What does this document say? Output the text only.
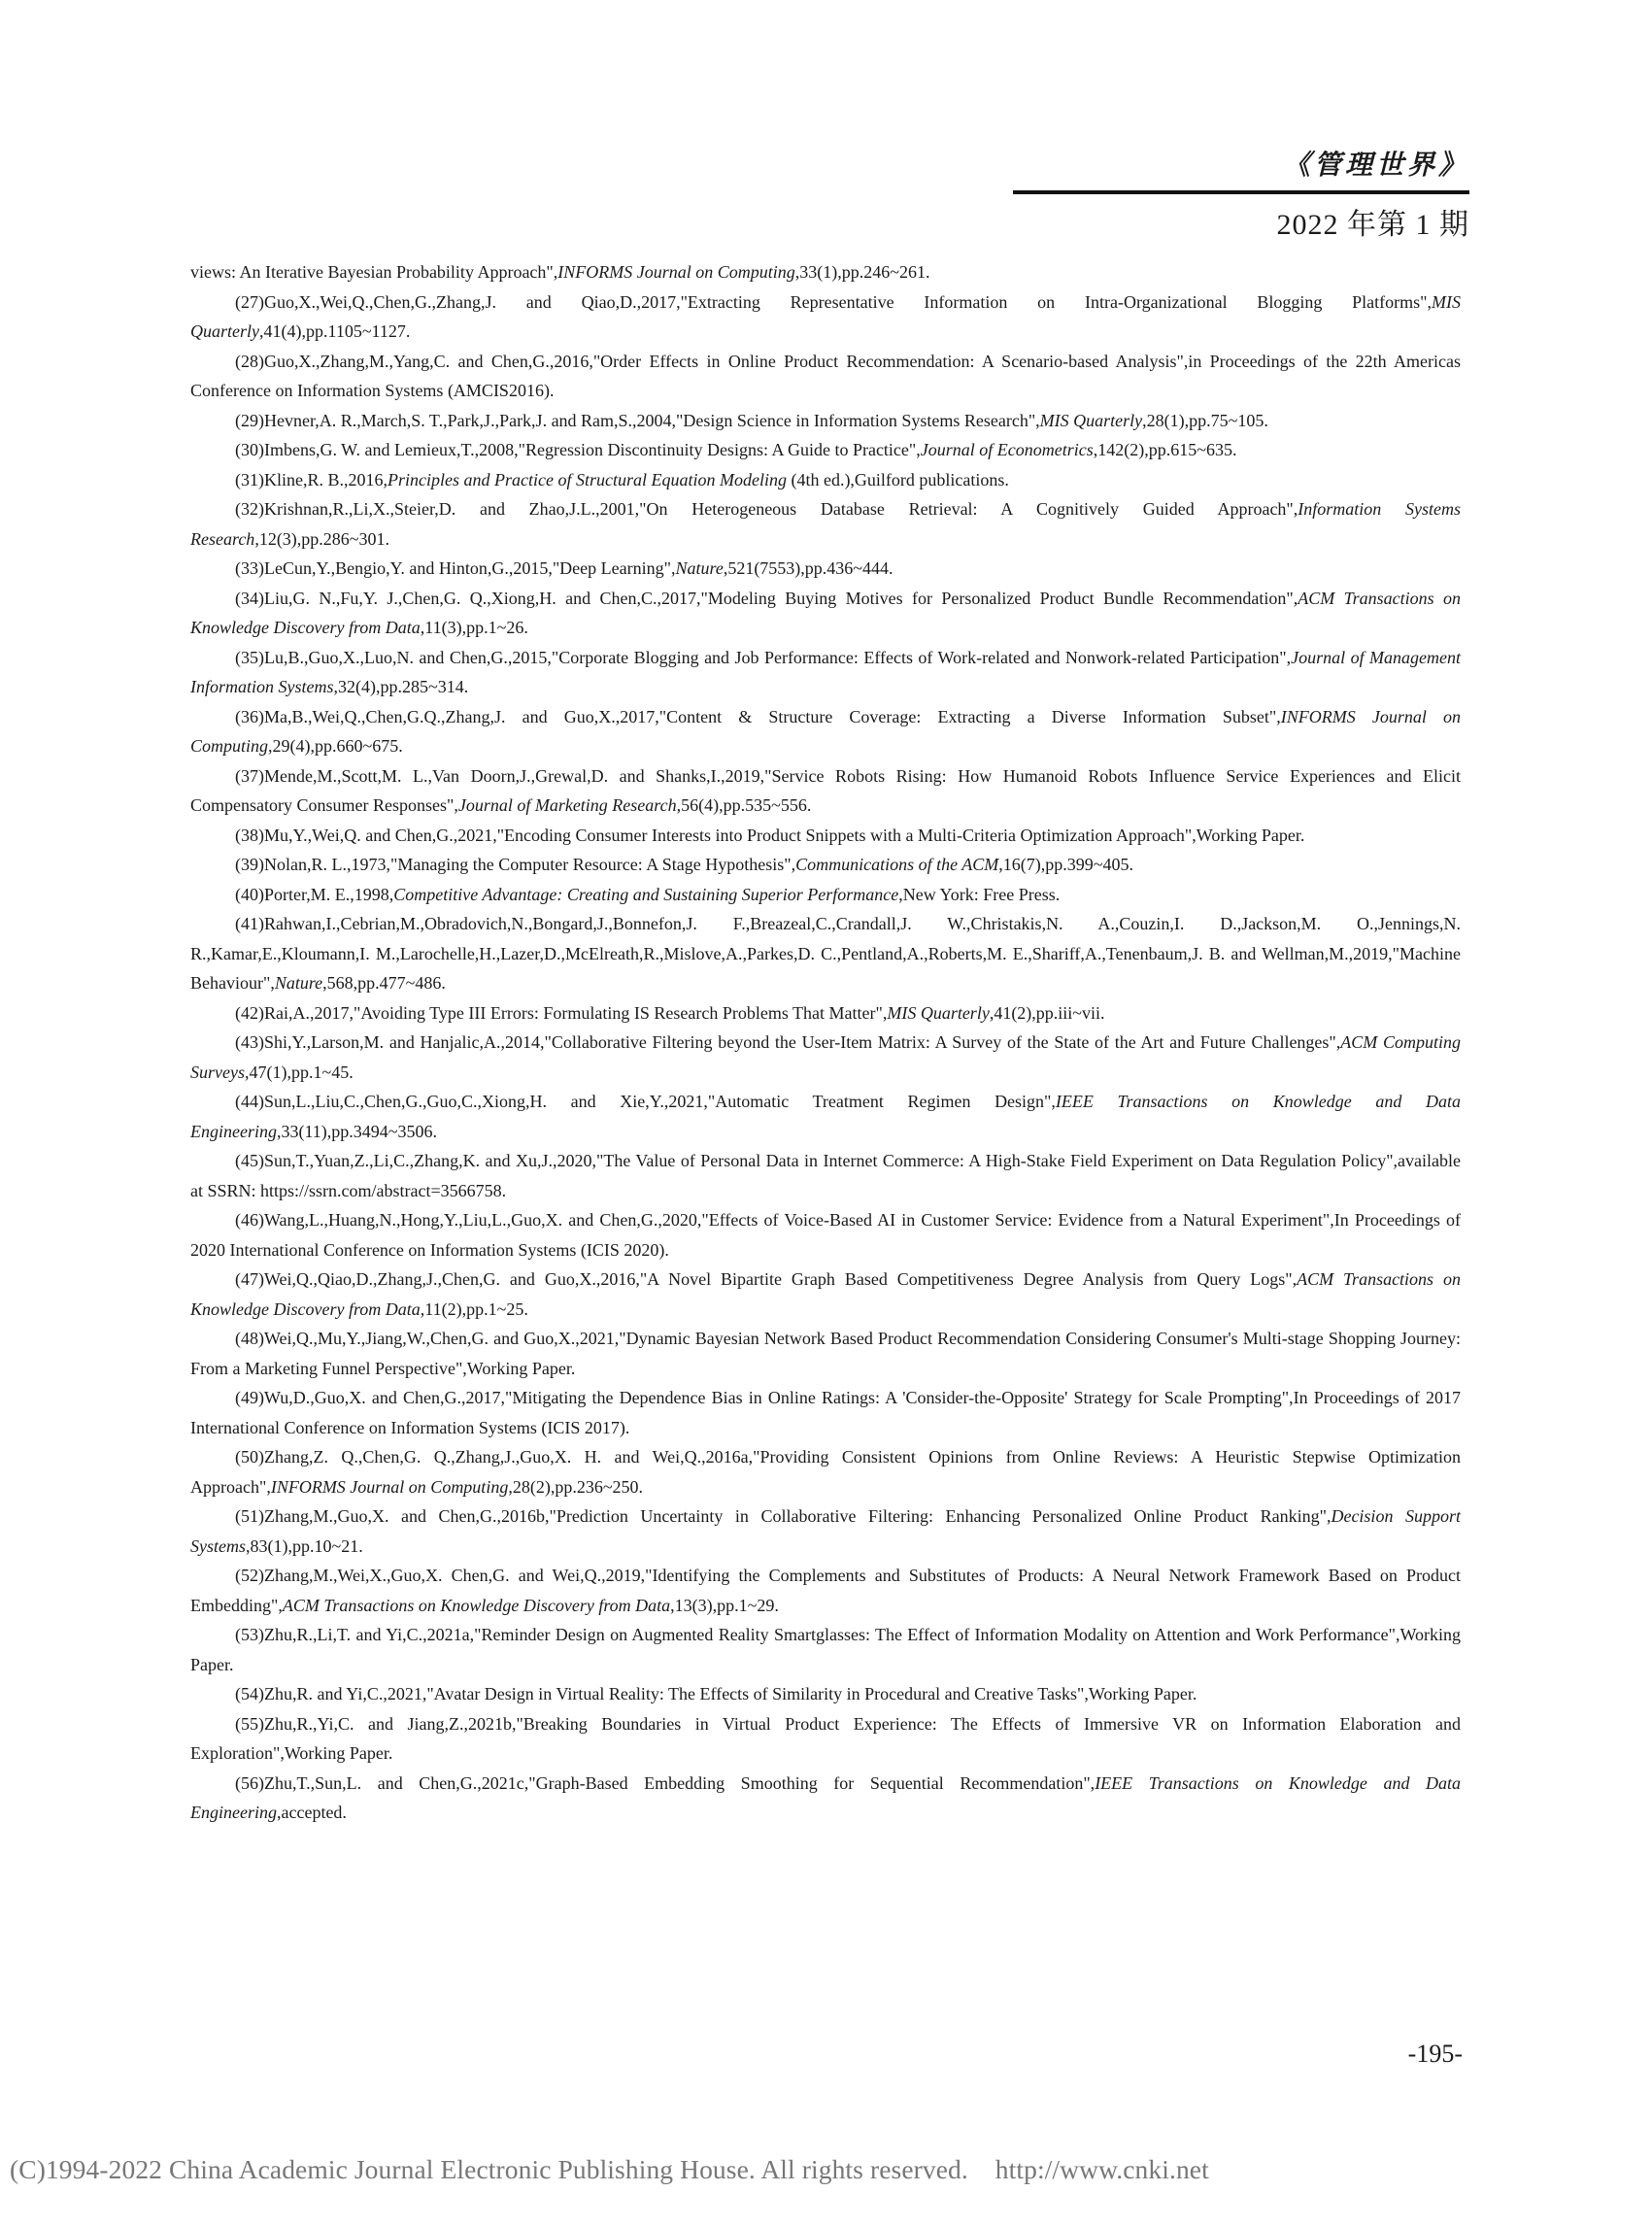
《管理世界》
2022 年第 1 期

views: An Iterative Bayesian Probability Approach",INFORMS Journal on Computing,33(1),pp.246~261.

(27)Guo,X.,Wei,Q.,Chen,G.,Zhang,J. and Qiao,D.,2017,"Extracting Representative Information on Intra-Organizational Blogging Platforms",MIS Quarterly,41(4),pp.1105~1127.

(28)Guo,X.,Zhang,M.,Yang,C. and Chen,G.,2016,"Order Effects in Online Product Recommendation: A Scenario-based Analysis",in Proceedings of the 22th Americas Conference on Information Systems (AMCIS2016).

(29)Hevner,A. R.,March,S. T.,Park,J.,Park,J. and Ram,S.,2004,"Design Science in Information Systems Research",MIS Quarterly,28(1),pp.75~105.

(30)Imbens,G. W. and Lemieux,T.,2008,"Regression Discontinuity Designs: A Guide to Practice",Journal of Econometrics,142(2),pp.615~635.

(31)Kline,R. B.,2016,Principles and Practice of Structural Equation Modeling (4th ed.),Guilford publications.

(32)Krishnan,R.,Li,X.,Steier,D. and Zhao,J.L.,2001,"On Heterogeneous Database Retrieval: A Cognitively Guided Approach",Information Systems Research,12(3),pp.286~301.

(33)LeCun,Y.,Bengio,Y. and Hinton,G.,2015,"Deep Learning",Nature,521(7553),pp.436~444.

(34)Liu,G. N.,Fu,Y. J.,Chen,G. Q.,Xiong,H. and Chen,C.,2017,"Modeling Buying Motives for Personalized Product Bundle Recommendation",ACM Transactions on Knowledge Discovery from Data,11(3),pp.1~26.

(35)Lu,B.,Guo,X.,Luo,N. and Chen,G.,2015,"Corporate Blogging and Job Performance: Effects of Work-related and Nonwork-related Participation",Journal of Management Information Systems,32(4),pp.285~314.

(36)Ma,B.,Wei,Q.,Chen,G.Q.,Zhang,J. and Guo,X.,2017,"Content & Structure Coverage: Extracting a Diverse Information Subset",INFORMS Journal on Computing,29(4),pp.660~675.

(37)Mende,M.,Scott,M. L.,Van Doorn,J.,Grewal,D. and Shanks,I.,2019,"Service Robots Rising: How Humanoid Robots Influence Service Experiences and Elicit Compensatory Consumer Responses",Journal of Marketing Research,56(4),pp.535~556.

(38)Mu,Y.,Wei,Q. and Chen,G.,2021,"Encoding Consumer Interests into Product Snippets with a Multi-Criteria Optimization Approach",Working Paper.

(39)Nolan,R. L.,1973,"Managing the Computer Resource: A Stage Hypothesis",Communications of the ACM,16(7),pp.399~405.

(40)Porter,M. E.,1998,Competitive Advantage: Creating and Sustaining Superior Performance,New York: Free Press.

(41)Rahwan,I.,Cebrian,M.,Obradovich,N.,Bongard,J.,Bonnefon,J. F.,Breazeal,C.,Crandall,J. W.,Christakis,N. A.,Couzin,I. D.,Jackson,M. O.,Jennings,N. R.,Kamar,E.,Kloumann,I. M.,Larochelle,H.,Lazer,D.,McElreath,R.,Mislove,A.,Parkes,D. C.,Pentland,A.,Roberts,M. E.,Shariff,A.,Tenenbaum,J. B. and Wellman,M.,2019,"Machine Behaviour",Nature,568,pp.477~486.

(42)Rai,A.,2017,"Avoiding Type III Errors: Formulating IS Research Problems That Matter",MIS Quarterly,41(2),pp.iii~vii.

(43)Shi,Y.,Larson,M. and Hanjalic,A.,2014,"Collaborative Filtering beyond the User-Item Matrix: A Survey of the State of the Art and Future Challenges",ACM Computing Surveys,47(1),pp.1~45.

(44)Sun,L.,Liu,C.,Chen,G.,Guo,C.,Xiong,H. and Xie,Y.,2021,"Automatic Treatment Regimen Design",IEEE Transactions on Knowledge and Data Engineering,33(11),pp.3494~3506.

(45)Sun,T.,Yuan,Z.,Li,C.,Zhang,K. and Xu,J.,2020,"The Value of Personal Data in Internet Commerce: A High-Stake Field Experiment on Data Regulation Policy",available at SSRN: https://ssrn.com/abstract=3566758.

(46)Wang,L.,Huang,N.,Hong,Y.,Liu,L.,Guo,X. and Chen,G.,2020,"Effects of Voice-Based AI in Customer Service: Evidence from a Natural Experiment",In Proceedings of 2020 International Conference on Information Systems (ICIS 2020).

(47)Wei,Q.,Qiao,D.,Zhang,J.,Chen,G. and Guo,X.,2016,"A Novel Bipartite Graph Based Competitiveness Degree Analysis from Query Logs",ACM Transactions on Knowledge Discovery from Data,11(2),pp.1~25.

(48)Wei,Q.,Mu,Y.,Jiang,W.,Chen,G. and Guo,X.,2021,"Dynamic Bayesian Network Based Product Recommendation Considering Consumer's Multi-stage Shopping Journey: From a Marketing Funnel Perspective",Working Paper.

(49)Wu,D.,Guo,X. and Chen,G.,2017,"Mitigating the Dependence Bias in Online Ratings: A 'Consider-the-Opposite' Strategy for Scale Prompting",In Proceedings of 2017 International Conference on Information Systems (ICIS 2017).

(50)Zhang,Z. Q.,Chen,G. Q.,Zhang,J.,Guo,X. H. and Wei,Q.,2016a,"Providing Consistent Opinions from Online Reviews: A Heuristic Stepwise Optimization Approach",INFORMS Journal on Computing,28(2),pp.236~250.

(51)Zhang,M.,Guo,X. and Chen,G.,2016b,"Prediction Uncertainty in Collaborative Filtering: Enhancing Personalized Online Product Ranking",Decision Support Systems,83(1),pp.10~21.

(52)Zhang,M.,Wei,X.,Guo,X. Chen,G. and Wei,Q.,2019,"Identifying the Complements and Substitutes of Products: A Neural Network Framework Based on Product Embedding",ACM Transactions on Knowledge Discovery from Data,13(3),pp.1~29.

(53)Zhu,R.,Li,T. and Yi,C.,2021a,"Reminder Design on Augmented Reality Smartglasses: The Effect of Information Modality on Attention and Work Performance",Working Paper.

(54)Zhu,R. and Yi,C.,2021,"Avatar Design in Virtual Reality: The Effects of Similarity in Procedural and Creative Tasks",Working Paper.

(55)Zhu,R.,Yi,C. and Jiang,Z.,2021b,"Breaking Boundaries in Virtual Product Experience: The Effects of Immersive VR on Information Elaboration and Exploration",Working Paper.

(56)Zhu,T.,Sun,L. and Chen,G.,2021c,"Graph-Based Embedding Smoothing for Sequential Recommendation",IEEE Transactions on Knowledge and Data Engineering,accepted.

-195-
(C)1994-2022 China Academic Journal Electronic Publishing House. All rights reserved.    http://www.cnki.net
